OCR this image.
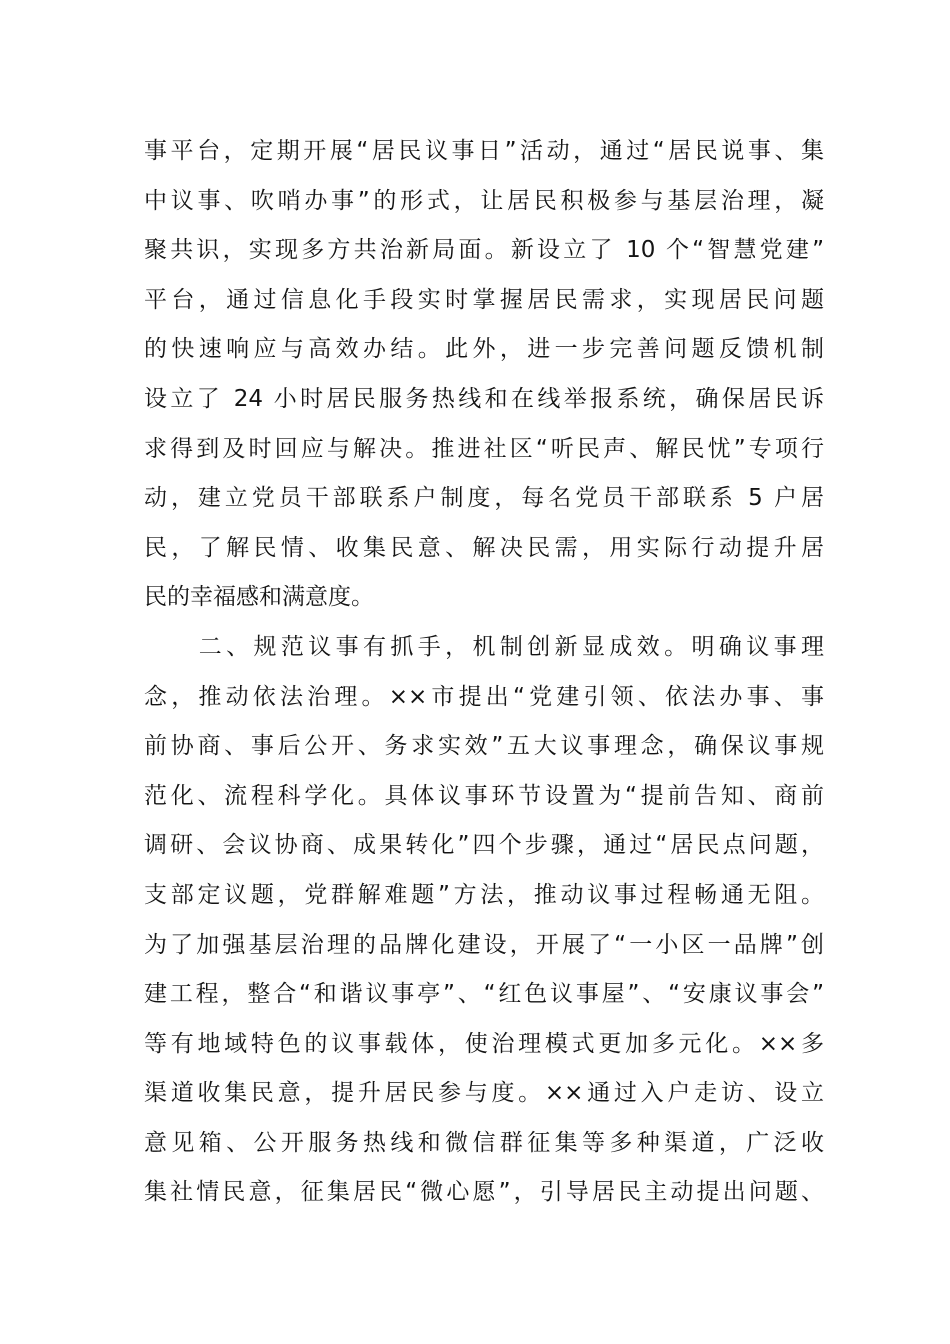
事平台，定期开展“居民议事日”活动，通过“居民说事、集
中议事、吹哨办事”的形式，让居民积极参与基层治理，凝
聚共识，实现多方共治新局面。新设立了 10 个“智慧党建”
平台，通过信息化手段实时掌握居民需求，实现居民问题
的快速响应与高效办结。此外，进一步完善问题反馈机制
设立了 24 小时居民服务热线和在线举报系统，确保居民诉
求得到及时回应与解决。推进社区“听民声、解民忧”专项行
动，建立党员干部联系户制度，每名党员干部联系 5 户居
民，了解民情、收集民意、解决民需，用实际行动提升居
民的幸福感和满意度。
　　二、规范议事有抓手，机制创新显成效。明确议事理
念，推动依法治理。××市提出“党建引领、依法办事、事
前协商、事后公开、务求实效”五大议事理念，确保议事规
范化、流程科学化。具体议事环节设置为“提前告知、商前
调研、会议协商、成果转化”四个步骤，通过“居民点问题，
支部定议题，党群解难题”方法，推动议事过程畅通无阻。
为了加强基层治理的品牌化建设，开展了“一小区一品牌”创
建工程，整合“和谐议事亭”、“红色议事屋”、“安康议事会”
等有地域特色的议事载体，使治理模式更加多元化。××多
渠道收集民意，提升居民参与度。××通过入户走访、设立
意见箱、公开服务热线和微信群征集等多种渠道，广泛收
集社情民意，征集居民“微心愿”，引导居民主动提出问题、
